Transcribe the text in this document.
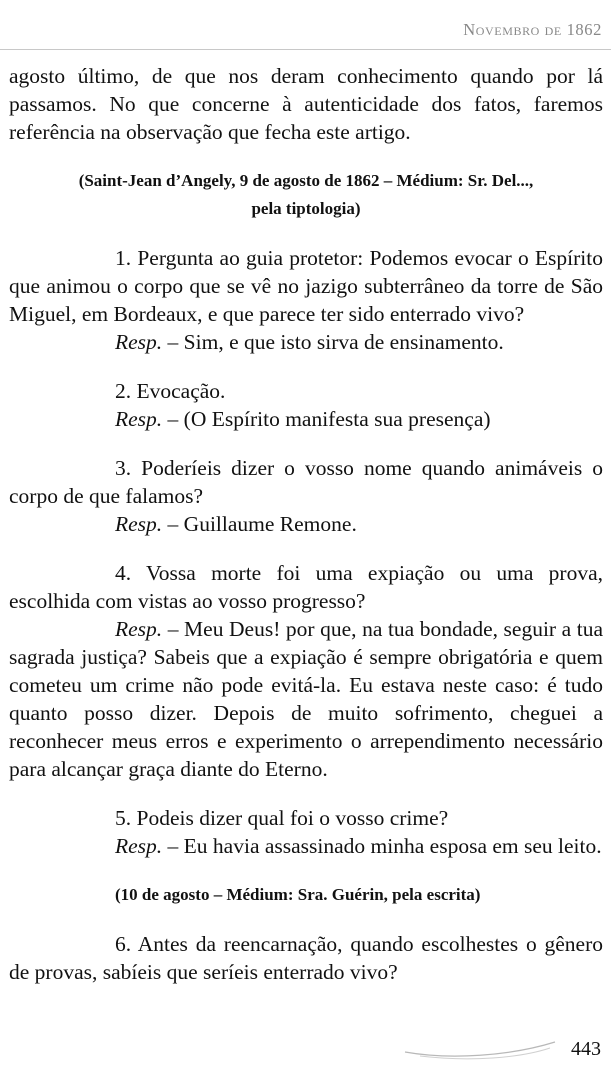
Novembro de 1862

agosto último, de que nos deram conhecimento quando por lá passamos. No que concerne à autenticidade dos fatos, faremos referência na observação que fecha este artigo.

(Saint-Jean d’Angely, 9 de agosto de 1862 – Médium: Sr. Del...,
pela tiptologia)

1. Pergunta ao guia protetor: Podemos evocar o Espírito que animou o corpo que se vê no jazigo subterrâneo da torre de São Miguel, em Bordeaux, e que parece ter sido enterrado vivo?

Resp. – Sim, e que isto sirva de ensinamento.

2. Evocação.

Resp. – (O Espírito manifesta sua presença)

3. Poderíeis dizer o vosso nome quando animáveis o corpo de que falamos?

Resp. – Guillaume Remone.

4. Vossa morte foi uma expiação ou uma prova, escolhida com vistas ao vosso progresso?

Resp. – Meu Deus! por que, na tua bondade, seguir a tua sagrada justiça? Sabeis que a expiação é sempre obrigatória e quem cometeu um crime não pode evitá-la. Eu estava neste caso: é tudo quanto posso dizer. Depois de muito sofrimento, cheguei a reconhecer meus erros e experimento o arrependimento necessário para alcançar graça diante do Eterno.

5. Podeis dizer qual foi o vosso crime?

Resp. – Eu havia assassinado minha esposa em seu leito.

(10 de agosto – Médium: Sra. Guérin, pela escrita)

6. Antes da reencarnação, quando escolhestes o gênero de provas, sabíeis que seríeis enterrado vivo?

443
